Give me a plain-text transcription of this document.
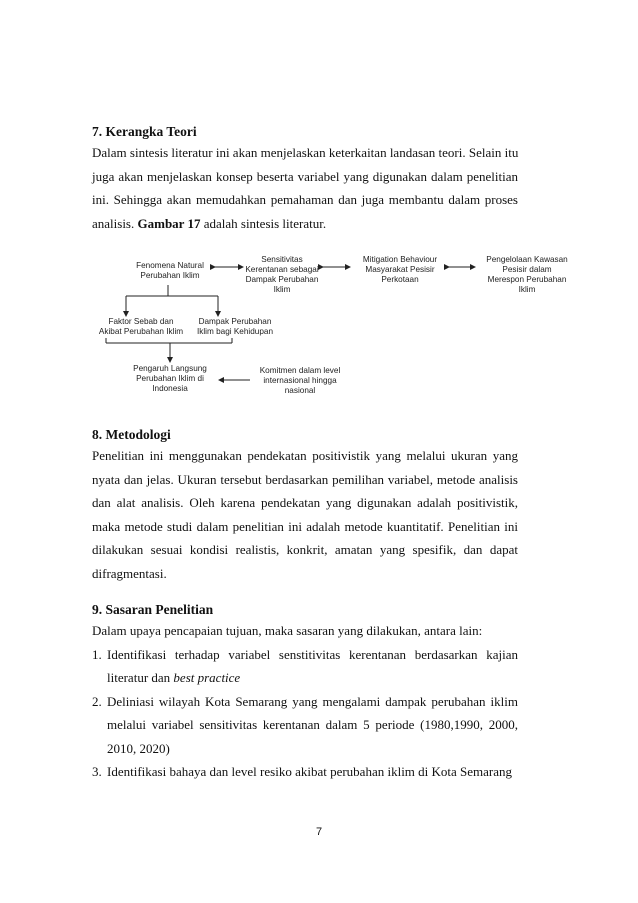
7. Kerangka Teori
Dalam sintesis literatur ini akan menjelaskan keterkaitan landasan teori. Selain itu
juga akan menjelaskan konsep beserta variabel yang digunakan dalam penelitian
ini. Sehingga akan memudahkan pemahaman dan juga membantu dalam proses
analisis. Gambar 17 adalah sintesis literatur.
Fenomena Natural
Perubahan Iklim
Sensitivitas
Kerentanan sebagai
Dampak Perubahan
Iklim
Mitigation Behaviour
Masyarakat Pesisir
Perkotaan
Pengelolaan Kawasan
Pesisir dalam
Merespon Perubahan
Iklim
Faktor Sebab dan
Akibat Perubahan Iklim
Dampak Perubahan
Iklim bagi Kehidupan
Pengaruh Langsung
Perubahan Iklim di
Indonesia
Komitmen dalam level
internasional hingga
nasional
8. Metodologi
Penelitian ini menggunakan pendekatan positivistik yang melalui ukuran yang
nyata dan jelas. Ukuran tersebut berdasarkan pemilihan variabel, metode analisis
dan alat analisis. Oleh karena pendekatan yang digunakan adalah positivistik,
maka metode studi dalam penelitian ini adalah metode kuantitatif. Penelitian ini
dilakukan sesuai kondisi realistis, konkrit, amatan yang spesifik, dan dapat
difragmentasi.
9. Sasaran Penelitian
Dalam upaya pencapaian tujuan, maka sasaran yang dilakukan, antara lain:
1. Identifikasi terhadap variabel senstitivitas kerentanan berdasarkan kajian
literatur dan best practice
2. Deliniasi wilayah Kota Semarang yang mengalami dampak perubahan iklim
melalui variabel sensitivitas kerentanan dalam 5 periode (1980,1990, 2000,
2010, 2020)
3. Identifikasi bahaya dan level resiko akibat perubahan iklim di Kota Semarang
7
